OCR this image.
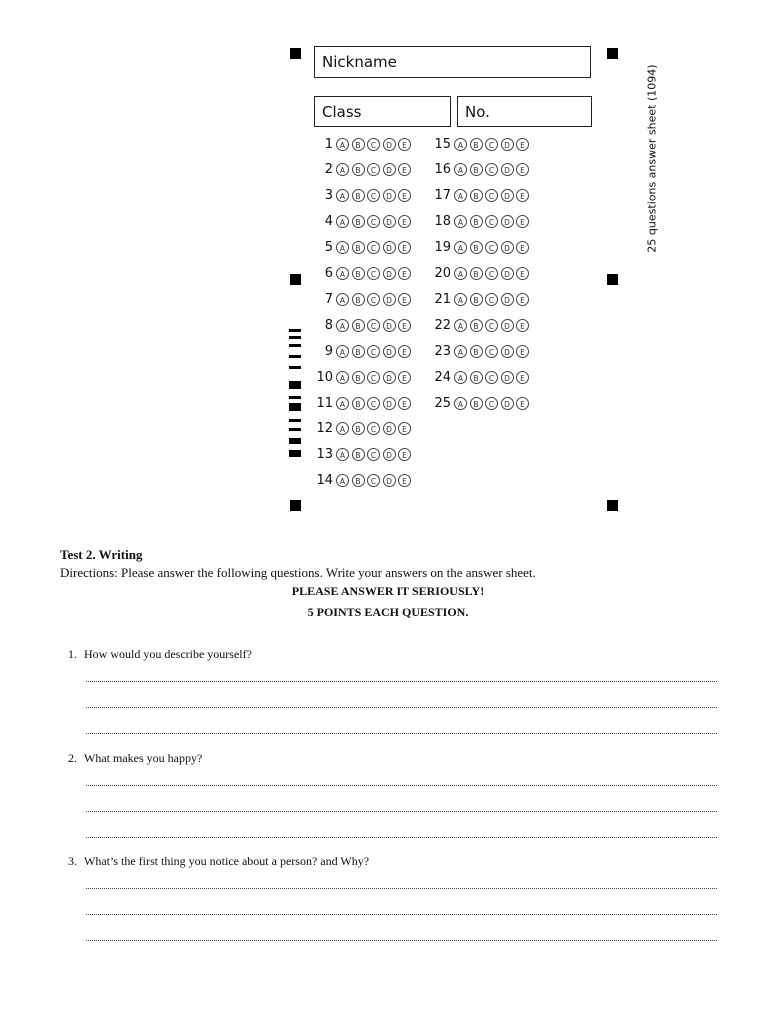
Nickname
Class	No.	25 questions answer sheet (1094)
1 A	B	C	D	E
2 A	B	C	D	E
3 A	B	C	D	E
4 A	B	C	D	E
5 A	B	C	D	E
6 A	B	C	D	E
7 A	B	C	D	E
8 A	B	C	D	E
9 A	B	C	D	E
10 A	B	C	D	E
11 A	B	C	D	E
12 A	B	C	D	E
13 A	B	C	D	E
14 A	B	C	D	E
15 A	B	C	D	E
16 A	B	C	D	E
17 A	B	C	D	E
18 A	B	C	D	E
19 A	B	C	D	E
20 A	B	C	D	E
21 A	B	C	D	E
22 A	B	C	D	E
23 A	B	C	D	E
24 A	B	C	D	E
25 A	B	C	D	E
Test 2. Writing
Directions: Please answer the following questions. Write your answers on the answer sheet.
PLEASE ANSWER IT SERIOUSLY!
5 POINTS EACH QUESTION.
1. How would you describe yourself?
2. What makes you happy?
3. What’s the first thing you notice about a person? and Why?
